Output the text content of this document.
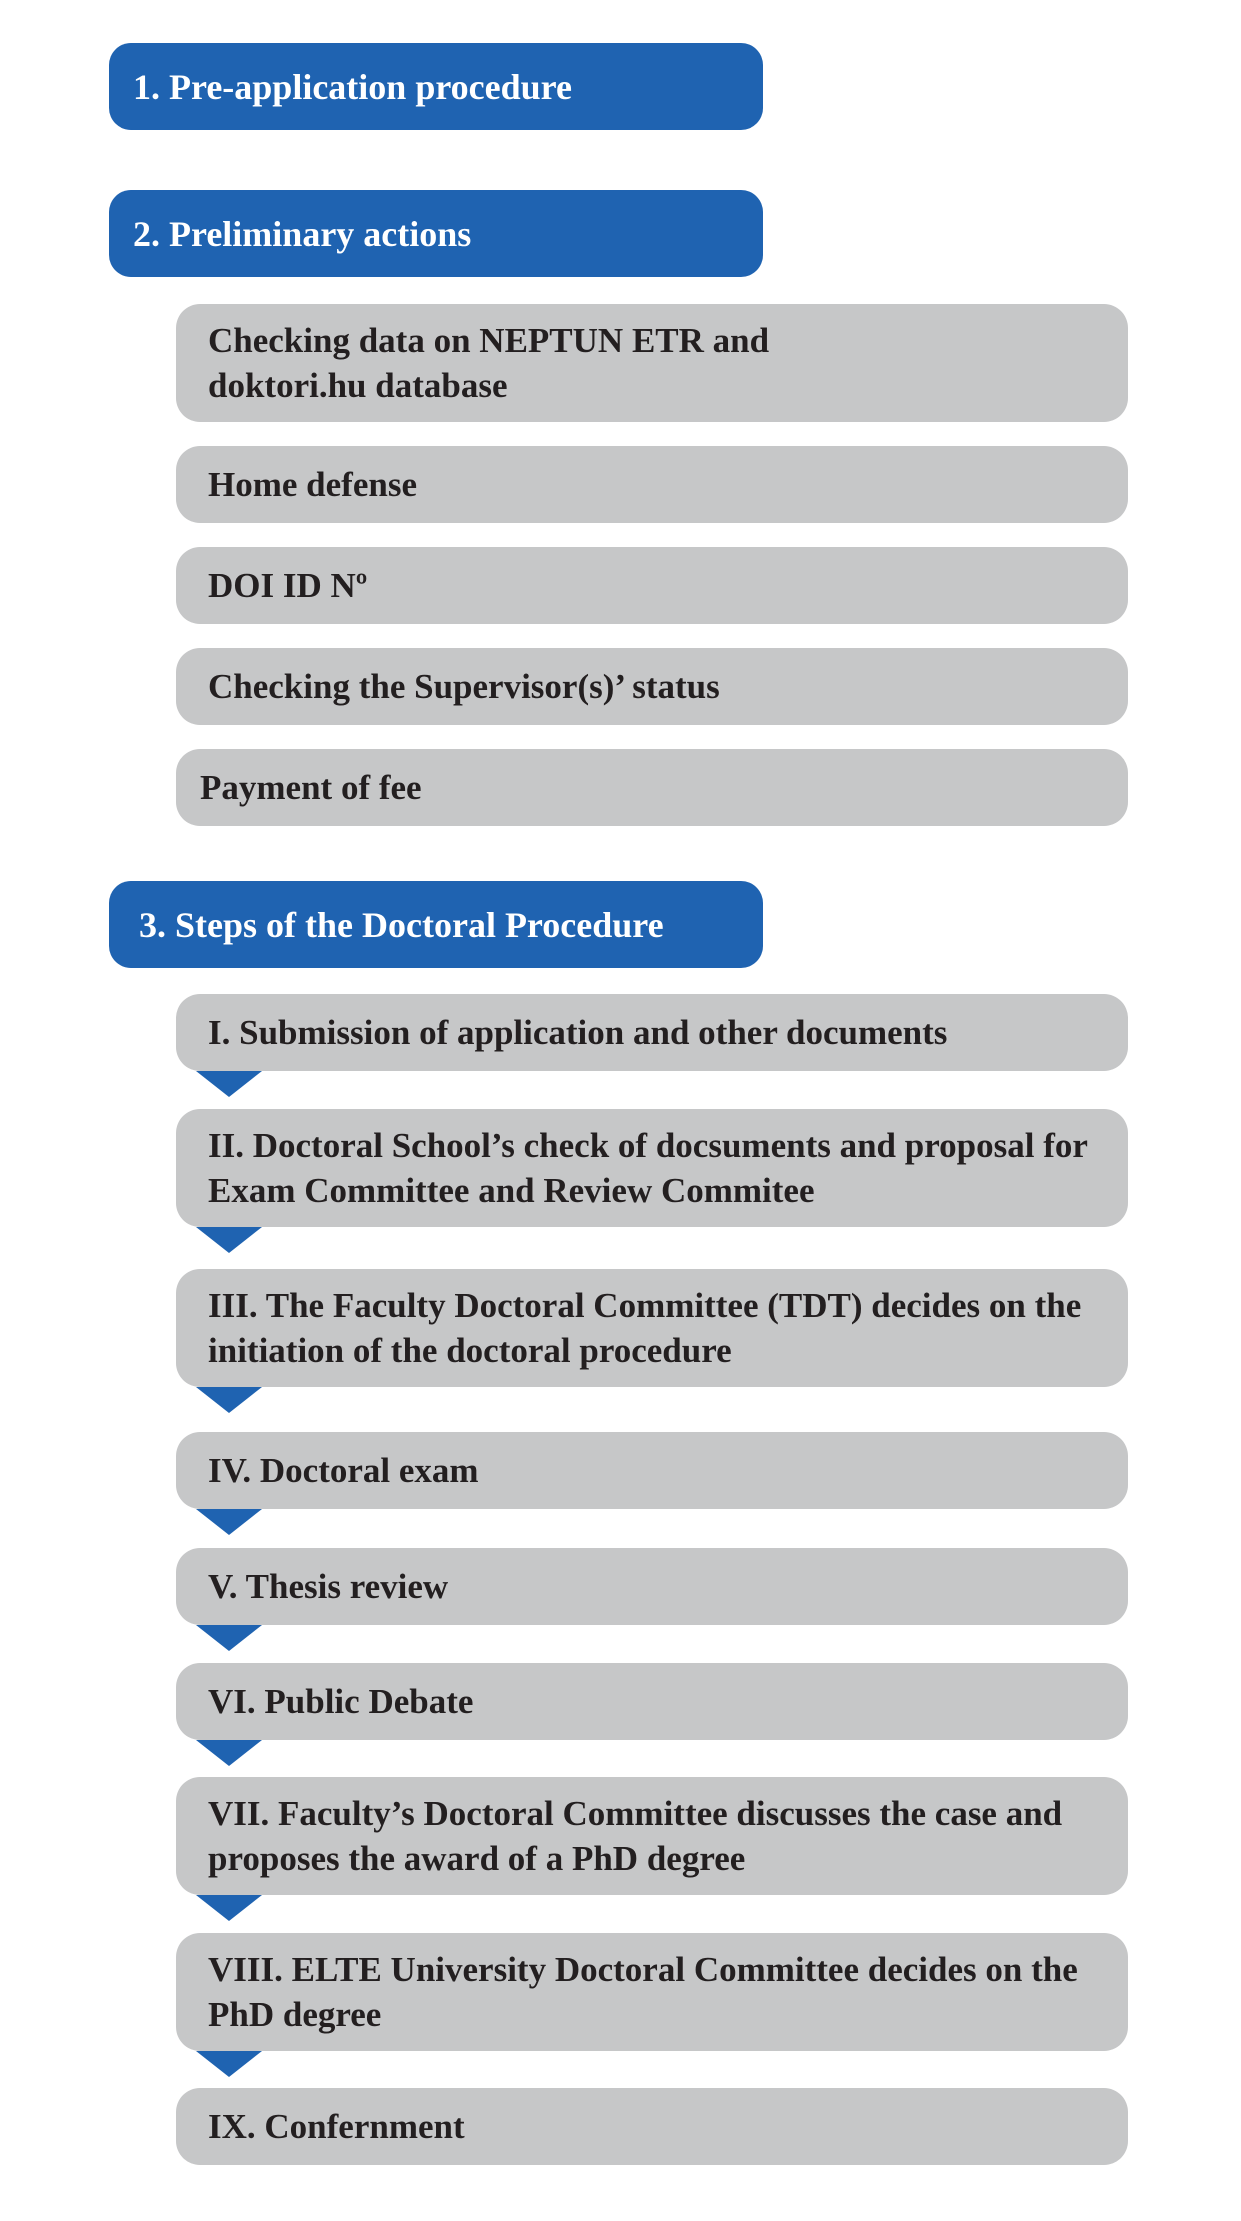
1. Pre-application procedure
2. Preliminary actions
Checking data on NEPTUN ETR and doktori.hu database
Home defense
DOI ID Nº
Checking the Supervisor(s)’ status
Payment of fee
3. Steps of the Doctoral Procedure
I. Submission of application and other documents
II. Doctoral School’s check of docsuments and proposal for Exam Committee and Review Commitee
III. The Faculty Doctoral Committee (TDT) decides on the initiation of the doctoral procedure
IV. Doctoral exam
V. Thesis review
VI. Public Debate
VII. Faculty’s Doctoral Committee discusses the case and proposes the award of a PhD degree
VIII. ELTE University Doctoral Committee decides on the PhD degree
IX. Confernment
